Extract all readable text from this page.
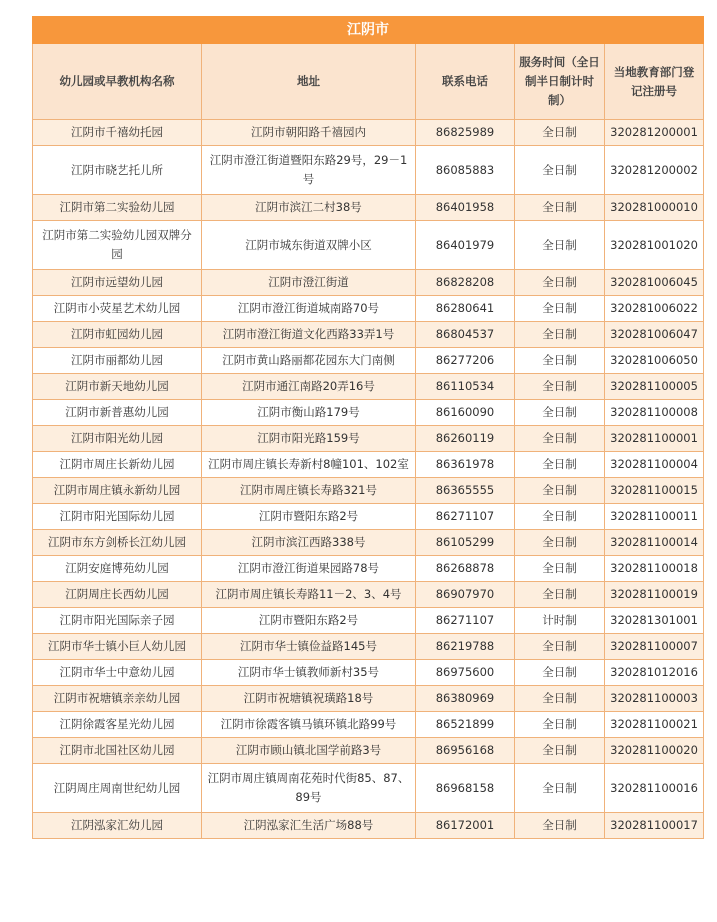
江阴市				
幼儿园或早教机构名称	地址	联系电话	服务时间（全日制半日制计时制）	当地教育部门登记注册号
江阴市千禧幼托园	江阴市朝阳路千禧园内	86825989	全日制	320281200001
江阴市晓艺托儿所	江阴市澄江街道暨阳东路29号，29－1号	86085883	全日制	320281200002
江阴市第二实验幼儿园	江阴市滨江二村38号	86401958	全日制	320281000010
江阴市第二实验幼儿园双牌分园	江阴市城东街道双牌小区	86401979	全日制	320281001020
江阴市远望幼儿园	江阴市澄江街道	86828208	全日制	320281006045
江阴市小荧星艺术幼儿园	江阴市澄江街道城南路70号	86280641	全日制	320281006022
江阴市虹园幼儿园	江阴市澄江街道文化西路33弄1号	86804537	全日制	320281006047
江阴市丽都幼儿园	江阴市黄山路丽都花园东大门南侧	86277206	全日制	320281006050
江阴市新天地幼儿园	江阴市通江南路20弄16号	86110534	全日制	320281100005
江阴市新普惠幼儿园	江阴市衡山路179号	86160090	全日制	320281100008
江阴市阳光幼儿园	江阴市阳光路159号	86260119	全日制	320281100001
江阴市周庄长新幼儿园	江阴市周庄镇长寿新村8幢101、102室	86361978	全日制	320281100004
江阴市周庄镇永新幼儿园	江阴市周庄镇长寿路321号	86365555	全日制	320281100015
江阴市阳光国际幼儿园	江阴市暨阳东路2号	86271107	全日制	320281100011
江阴市东方剑桥长江幼儿园	江阴市滨江西路338号	86105299	全日制	320281100014
江阴安庭博苑幼儿园	江阴市澄江街道果园路78号	86268878	全日制	320281100018
江阴周庄长西幼儿园	江阴市周庄镇长寿路11－2、3、4号	86907970	全日制	320281100019
江阴市阳光国际亲子园	江阴市暨阳东路2号	86271107	计时制	320281301001
江阴市华士镇小巨人幼儿园	江阴市华士镇俭益路145号	86219788	全日制	320281100007
江阴市华士中意幼儿园	江阴市华士镇教师新村35号	86975600	全日制	320281012016
江阴市祝塘镇亲亲幼儿园	江阴市祝塘镇祝璜路18号	86380969	全日制	320281100003
江阴徐霞客星光幼儿园	江阴市徐霞客镇马镇环镇北路99号	86521899	全日制	320281100021
江阴市北国社区幼儿园	江阴市顾山镇北国学前路3号	86956168	全日制	320281100020
江阴周庄周南世纪幼儿园	江阴市周庄镇周南花苑时代街85、87、89号	86968158	全日制	320281100016
江阴泓家汇幼儿园	江阴泓家汇生活广场88号	86172001	全日制	320281100017
